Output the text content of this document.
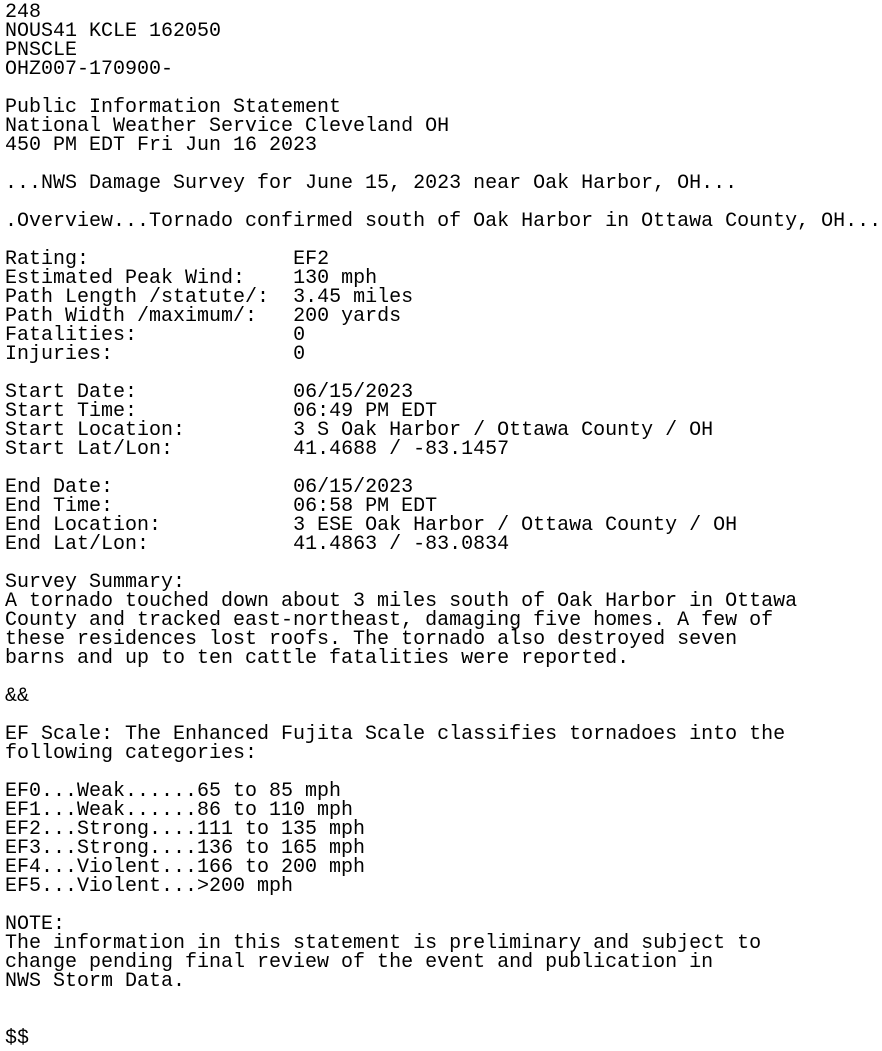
248
NOUS41 KCLE 162050
PNSCLE
OHZ007-170900-
Public Information Statement
National Weather Service Cleveland OH
450 PM EDT Fri Jun 16 2023
...NWS Damage Survey for June 15, 2023 near Oak Harbor, OH...
.Overview...Tornado confirmed south of Oak Harbor in Ottawa County, OH...
Rating:	EF2
Estimated Peak Wind: 130 mph
Path Length /statute/: 3.45 miles
Path Width /maximum/: 200 yards
Fatalities:	0
Injuries:	0
Start Date:	06/15/2023
Start Time:	06:49 PM EDT
Start Location:	3 S Oak Harbor / Ottawa County / OH
Start Lat/Lon:	41.4688 / -83.1457
End Date:	06/15/2023
End Time:	06:58 PM EDT
End Location:	3 ESE Oak Harbor / Ottawa County / OH
End Lat/Lon:	41.4863 / -83.0834
Survey Summary:
A tornado touched down about 3 miles south of Oak Harbor in Ottawa
County and tracked east-northeast, damaging five homes. A few of
these residences lost roofs. The tornado also destroyed seven
barns and up to ten cattle fatalities were reported.
&&
EF Scale: The Enhanced Fujita Scale classifies tornadoes into the
following categories:
EF0...Weak......65 to 85 mph
EF1...Weak......86 to 110 mph
EF2...Strong....111 to 135 mph
EF3...Strong....136 to 165 mph
EF4...Violent...166 to 200 mph
EF5...Violent...>200 mph
NOTE:
The information in this statement is preliminary and subject to
change pending final review of the event and publication in
NWS Storm Data.
$$
